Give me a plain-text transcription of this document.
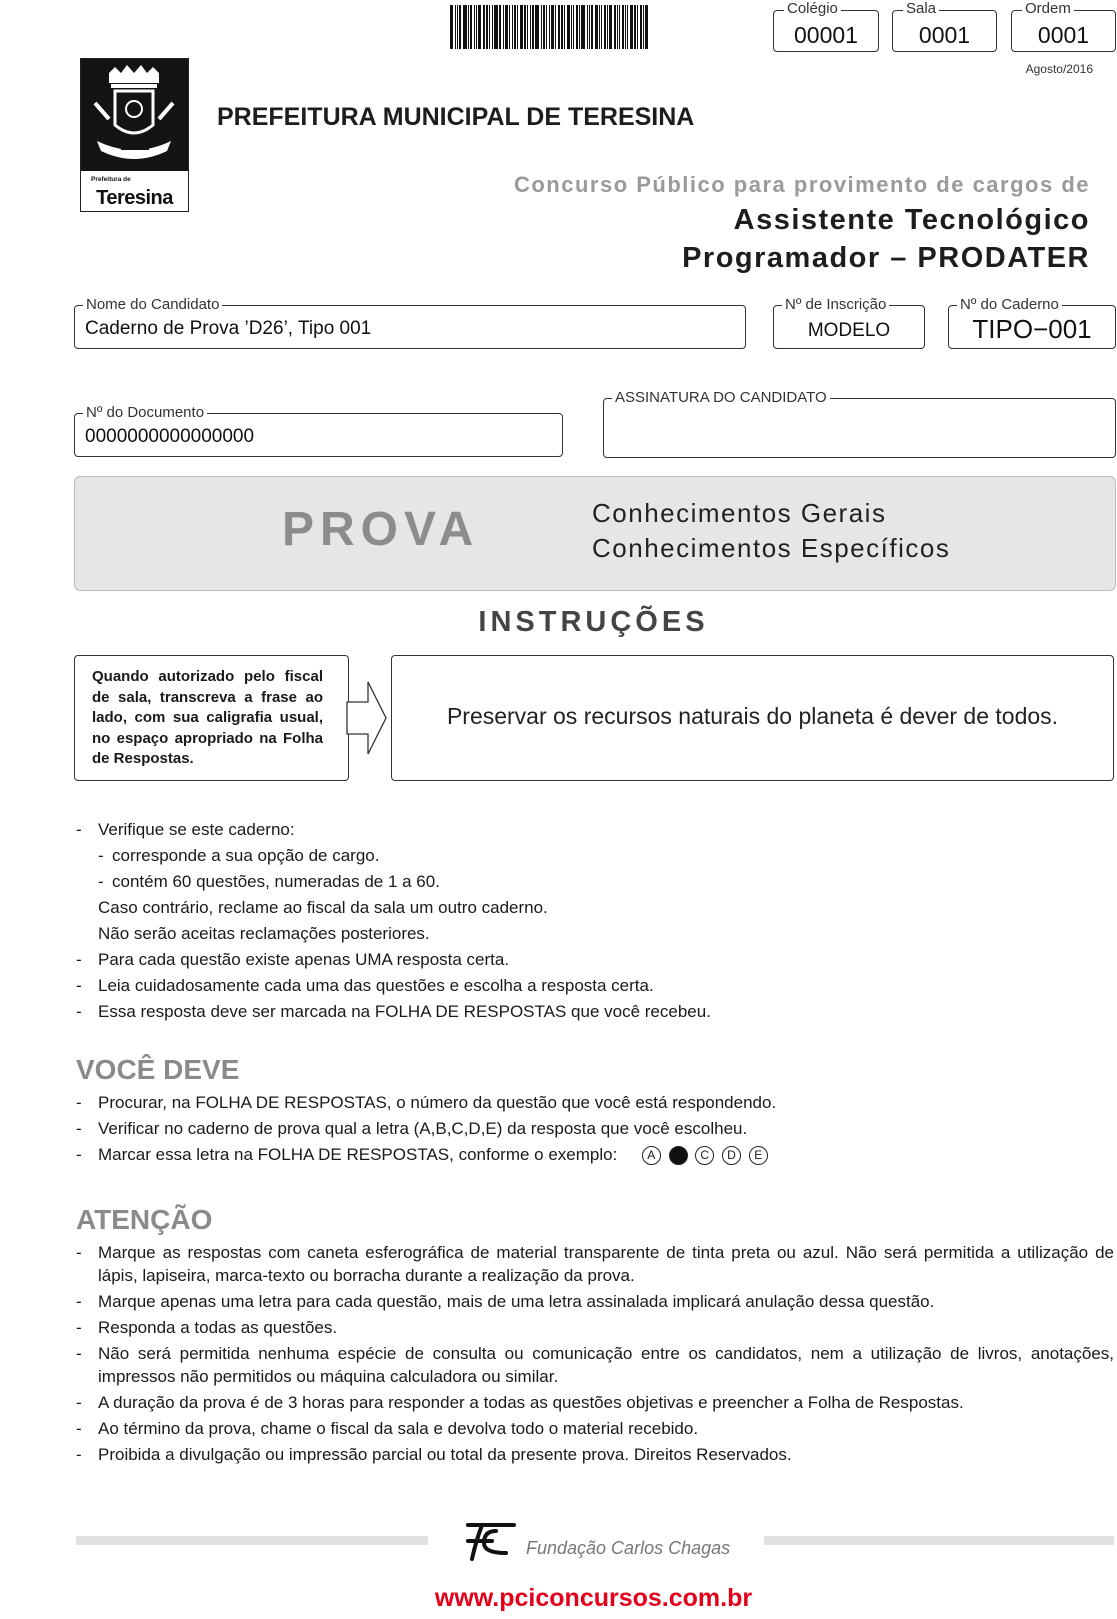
Colégio
00001
Sala
0001
Ordem
0001
Agosto/2016
Prefeitura de
Teresina
PREFEITURA MUNICIPAL DE TERESINA
Concurso Público para provimento de cargos de
Assistente Tecnológico
Programador – PRODATER
Nome do Candidato
Caderno de Prova ’D26’, Tipo 001
Nº de Inscrição
MODELO
Nº do Caderno
TIPO−001
Nº do Documento
0000000000000000
ASSINATURA DO CANDIDATO
PROVA	Conhecimentos Gerais
Conhecimentos Específicos
INSTRUÇÕES
Quando autorizado pelo fiscal de sala, transcreva a frase ao lado, com sua caligrafia usual, no espaço apropriado na Folha de Respostas.
Preservar os recursos naturais do planeta é dever de todos.
- Verifique se este caderno:
- corresponde a sua opção de cargo.
- contém 60 questões, numeradas de 1 a 60.
Caso contrário, reclame ao fiscal da sala um outro caderno.
Não serão aceitas reclamações posteriores.
- Para cada questão existe apenas UMA resposta certa.
- Leia cuidadosamente cada uma das questões e escolha a resposta certa.
- Essa resposta deve ser marcada na FOLHA DE RESPOSTAS que você recebeu.
VOCÊ DEVE
- Procurar, na FOLHA DE RESPOSTAS, o número da questão que você está respondendo.
- Verificar no caderno de prova qual a letra (A,B,C,D,E) da resposta que você escolheu.
- Marcar essa letra na FOLHA DE RESPOSTAS, conforme o exemplo: A	C D E
ATENÇÃO
- Marque as respostas com caneta esferográfica de material transparente de tinta preta ou azul. Não será permitida a utilização de
lápis, lapiseira, marca-texto ou borracha durante a realização da prova.
- Marque apenas uma letra para cada questão, mais de uma letra assinalada implicará anulação dessa questão.
- Responda a todas as questões.
- Não será permitida nenhuma espécie de consulta ou comunicação entre os candidatos, nem a utilização de livros, anotações,
impressos não permitidos ou máquina calculadora ou similar.
- A duração da prova é de 3 horas para responder a todas as questões objetivas e preencher a Folha de Respostas.
- Ao término da prova, chame o fiscal da sala e devolva todo o material recebido.
- Proibida a divulgação ou impressão parcial ou total da presente prova. Direitos Reservados.
Fundação Carlos Chagas
www.pciconcursos.com.br
